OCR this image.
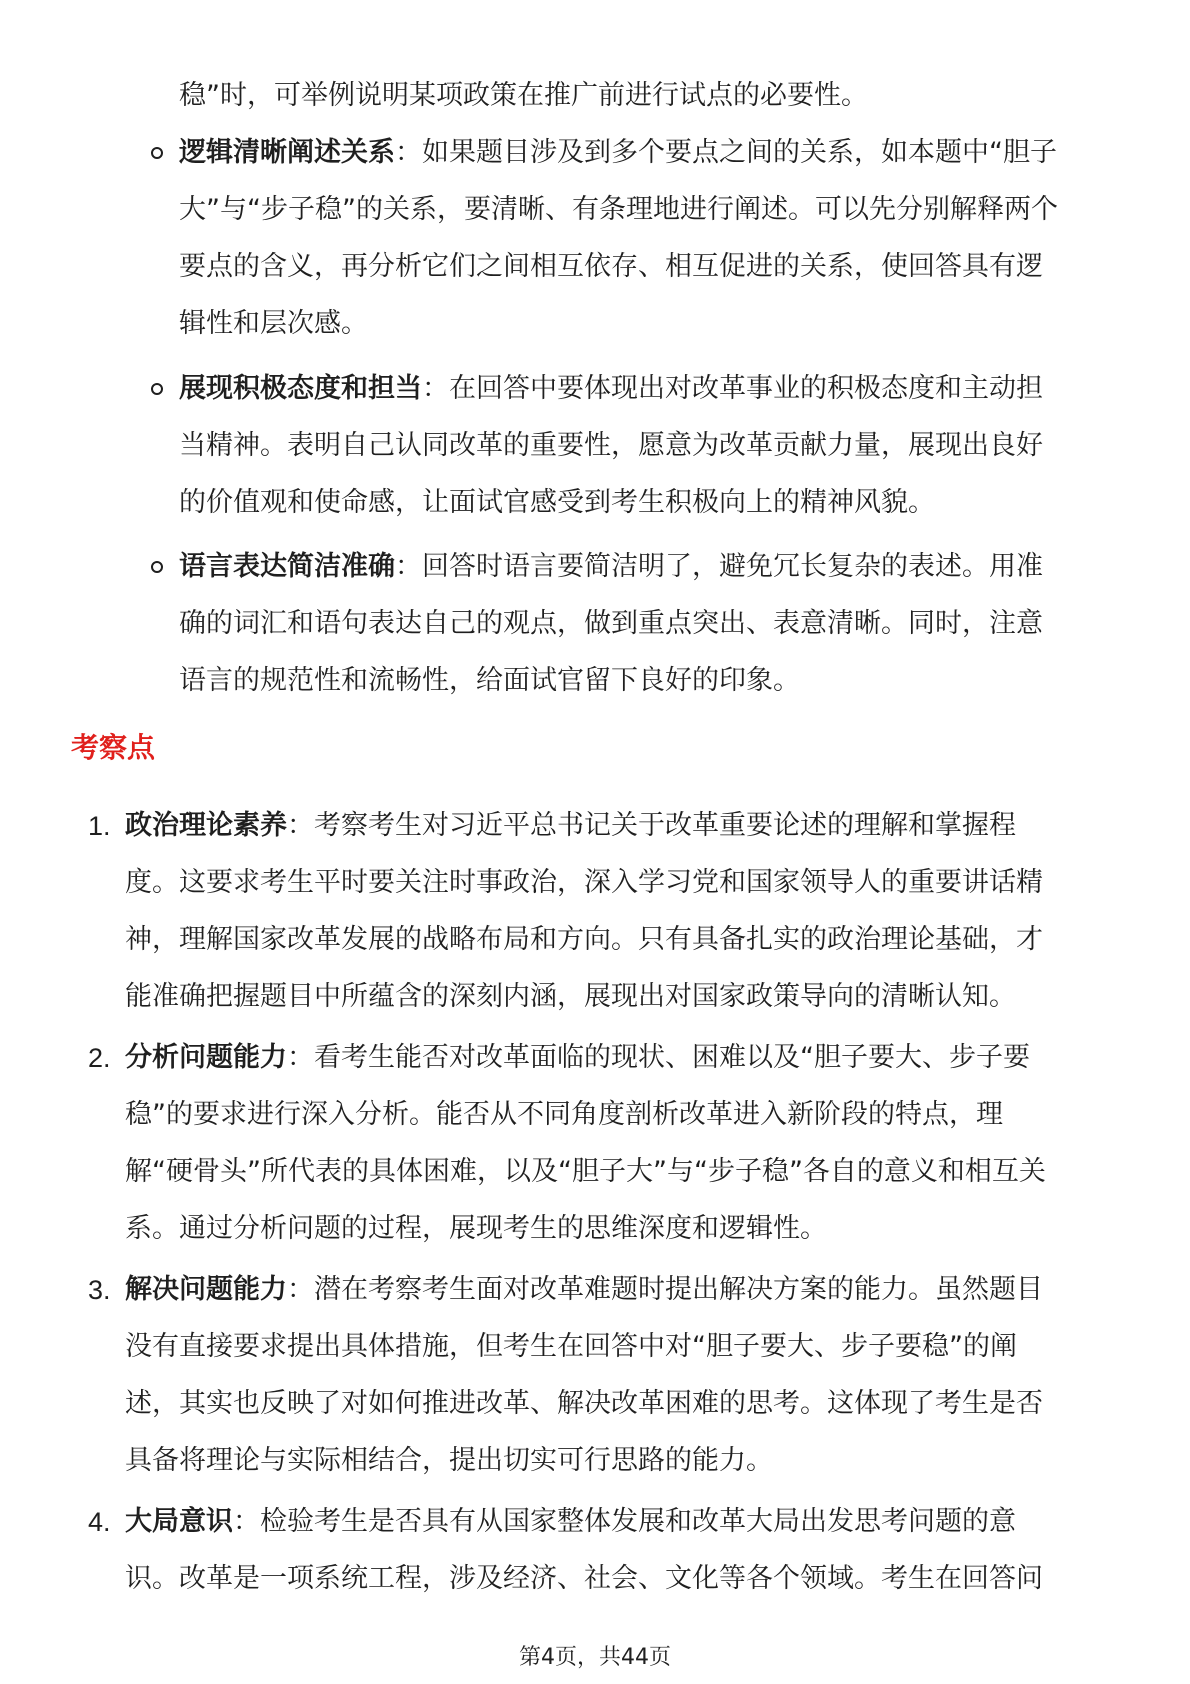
稳”时，可举例说明某项政策在推广前进行试点的必要性。
逻辑清晰阐述关系：如果题目涉及到多个要点之间的关系，如本题中“胆子
大”与“步子稳”的关系，要清晰、有条理地进行阐述。可以先分别解释两个
要点的含义，再分析它们之间相互依存、相互促进的关系，使回答具有逻
辑性和层次感。
展现积极态度和担当：在回答中要体现出对改革事业的积极态度和主动担
当精神。表明自己认同改革的重要性，愿意为改革贡献力量，展现出良好
的价值观和使命感，让面试官感受到考生积极向上的精神风貌。
语言表达简洁准确：回答时语言要简洁明了，避免冗长复杂的表述。用准
确的词汇和语句表达自己的观点，做到重点突出、表意清晰。同时，注意
语言的规范性和流畅性，给面试官留下良好的印象。
考察点
1. 政治理论素养：考察考生对习近平总书记关于改革重要论述的理解和掌握程
度。这要求考生平时要关注时事政治，深入学习党和国家领导人的重要讲话精
神，理解国家改革发展的战略布局和方向。只有具备扎实的政治理论基础，才
能准确把握题目中所蕴含的深刻内涵，展现出对国家政策导向的清晰认知。
2. 分析问题能力：看考生能否对改革面临的现状、困难以及“胆子要大、步子要
稳”的要求进行深入分析。能否从不同角度剖析改革进入新阶段的特点，理
解“硬骨头”所代表的具体困难，以及“胆子大”与“步子稳”各自的意义和相互关
系。通过分析问题的过程，展现考生的思维深度和逻辑性。
3. 解决问题能力：潜在考察考生面对改革难题时提出解决方案的能力。虽然题目
没有直接要求提出具体措施，但考生在回答中对“胆子要大、步子要稳”的阐
述，其实也反映了对如何推进改革、解决改革困难的思考。这体现了考生是否
具备将理论与实际相结合，提出切实可行思路的能力。
4. 大局意识：检验考生是否具有从国家整体发展和改革大局出发思考问题的意
识。改革是一项系统工程，涉及经济、社会、文化等各个领域。考生在回答问
第4页，共44页
